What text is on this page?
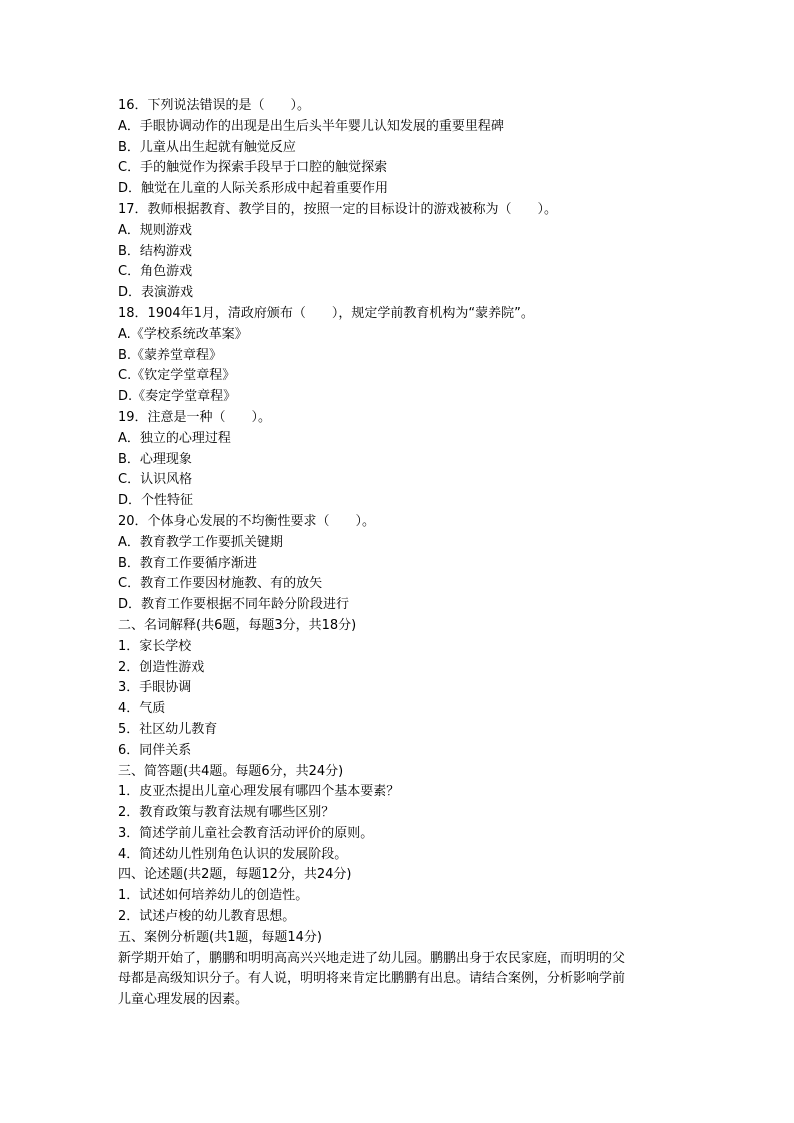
16．下列说法错误的是（　　）。
A．手眼协调动作的出现是出生后头半年婴儿认知发展的重要里程碑
B．儿童从出生起就有触觉反应
C．手的触觉作为探索手段早于口腔的触觉探索
D．触觉在儿童的人际关系形成中起着重要作用
17．教师根据教育、教学目的，按照一定的目标设计的游戏被称为（　　）。
A．规则游戏
B．结构游戏
C．角色游戏
D．表演游戏
18．1904年1月，清政府颁布（　　），规定学前教育机构为“蒙养院”。
A.《学校系统改革案》
B.《蒙养堂章程》
C.《钦定学堂章程》
D.《奏定学堂章程》
19．注意是一种（　　）。
A．独立的心理过程
B．心理现象
C．认识风格
D．个性特征
20．个体身心发展的不均衡性要求（　　）。
A．教育教学工作要抓关键期
B．教育工作要循序渐进
C．教育工作要因材施教、有的放矢
D．教育工作要根据不同年龄分阶段进行
二、名词解释(共6题，每题3分，共18分)
1．家长学校
2．创造性游戏
3．手眼协调
4．气质
5．社区幼儿教育
6．同伴关系
三、简答题(共4题。每题6分，共24分)
1．皮亚杰提出儿童心理发展有哪四个基本要素？
2．教育政策与教育法规有哪些区别？
3．简述学前儿童社会教育活动评价的原则。
4．简述幼儿性别角色认识的发展阶段。
四、论述题(共2题，每题12分，共24分)
1．试述如何培养幼儿的创造性。
2．试述卢梭的幼儿教育思想。
五、案例分析题(共1题，每题14分)
新学期开始了，鹏鹏和明明高高兴兴地走进了幼儿园。鹏鹏出身于农民家庭，而明明的父
母都是高级知识分子。有人说，明明将来肯定比鹏鹏有出息。请结合案例，分析影响学前
儿童心理发展的因素。
